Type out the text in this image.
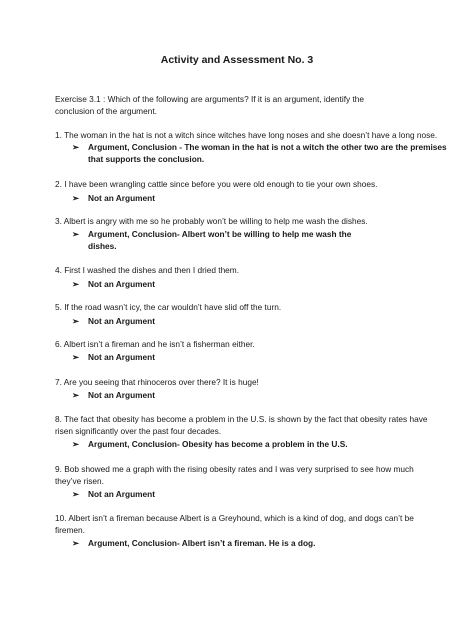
Activity and Assessment No. 3
Exercise 3.1 : Which of the following are arguments? If it is an argument, identify the
conclusion of the argument.
1. The woman in the hat is not a witch since witches have long noses and she doesn’t have a long nose.
➢ Argument, Conclusion - The woman in the hat is not a witch the other two are the premises
that supports the conclusion.
2. I have been wrangling cattle since before you were old enough to tie your own shoes.
➢ Not an Argument
3. Albert is angry with me so he probably won’t be willing to help me wash the dishes.
➢ Argument, Conclusion- Albert won’t be willing to help me wash the
dishes.
4. First I washed the dishes and then I dried them.
➢ Not an Argument
5. If the road wasn’t icy, the car wouldn’t have slid off the turn.
➢ Not an Argument
6. Albert isn’t a fireman and he isn’t a fisherman either.
➢ Not an Argument
7. Are you seeing that rhinoceros over there? It is huge!
➢ Not an Argument
8. The fact that obesity has become a problem in the U.S. is shown by the fact that obesity rates have
risen significantly over the past four decades.
➢ Argument, Conclusion- Obesity has become a problem in the U.S.
9. Bob showed me a graph with the rising obesity rates and I was very surprised to see how much
they’ve risen.
➢ Not an Argument
10. Albert isn’t a fireman because Albert is a Greyhound, which is a kind of dog, and dogs can’t be
firemen.
➢ Argument, Conclusion- Albert isn’t a fireman. He is a dog.
